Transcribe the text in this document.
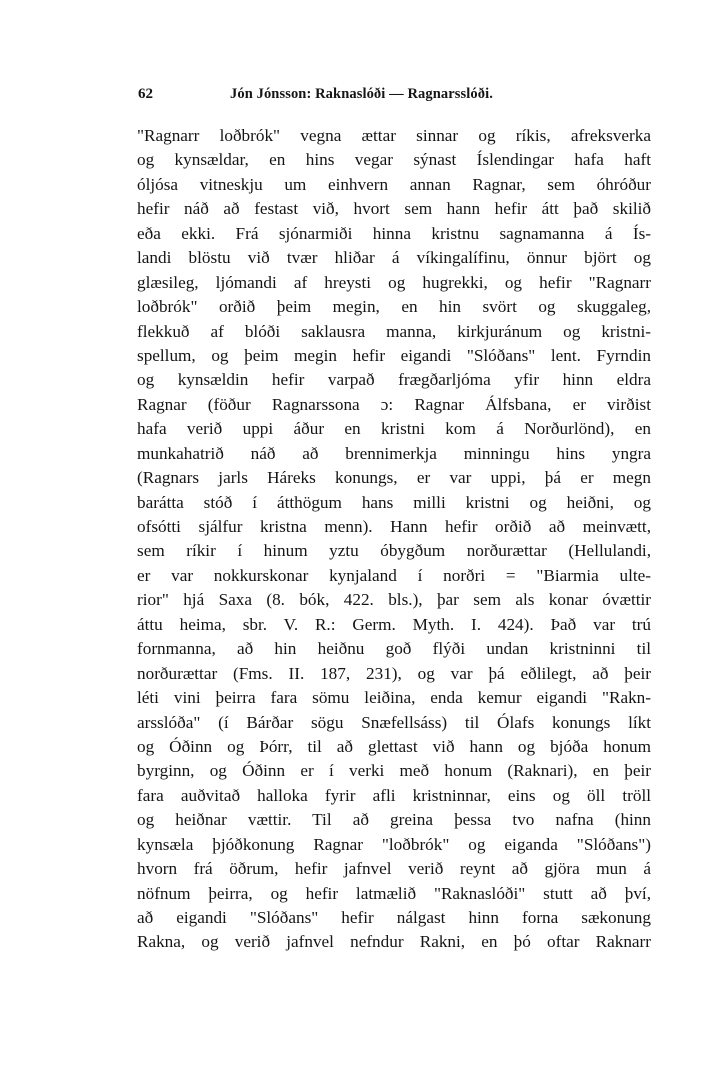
62	Jón Jónsson: Raknaslóði — Ragnarsslóði.
"Ragnarr loðbrók" vegna ættar sinnar og ríkis, afreksverka
og kynsældar, en hins vegar sýnast Íslendingar hafa haft
óljósa vitneskju um einhvern annan Ragnar, sem óhróður
hefir náð að festast við, hvort sem hann hefir átt það skilið
eða ekki. Frá sjónarmiði hinna kristnu sagnamanna á Ís-
landi blöstu við tvær hliðar á víkingalífinu, önnur björt og
glæsileg, ljómandi af hreysti og hugrekki, og hefir "Ragnarr
loðbrók" orðið þeim megin, en hin svört og skuggaleg,
flekkuð af blóði saklausra manna, kirkjuránum og kristni-
spellum, og þeim megin hefir eigandi "Slóðans" lent. Fyrndin
og kynsældin hefir varpað frægðarljóma yfir hinn eldra
Ragnar (föður Ragnarssona ɔ: Ragnar Álfsbana, er virðist
hafa verið uppi áður en kristni kom á Norðurlönd), en
munkahatrið náð að brennimerkja minningu hins yngra
(Ragnars jarls Háreks konungs, er var uppi, þá er megn
barátta stóð í átthögum hans milli kristni og heiðni, og
ofsótti sjálfur kristna menn). Hann hefir orðið að meinvætt,
sem ríkir í hinum yztu óbygðum norðurættar (Hellulandi,
er var nokkurskonar kynjaland í norðri = "Biarmia ulte-
rior" hjá Saxa (8. bók, 422. bls.), þar sem als konar óvættir
áttu heima, sbr. V. R.: Germ. Myth. I. 424). Það var trú
fornmanna, að hin heiðnu goð flýði undan kristninni til
norðurættar (Fms. II. 187, 231), og var þá eðlilegt, að þeir
léti vini þeirra fara sömu leiðina, enda kemur eigandi "Rakn-
arsslóða" (í Bárðar sögu Snæfellsáss) til Ólafs konungs líkt
og Óðinn og Þórr, til að glettast við hann og bjóða honum
byrginn, og Óðinn er í verki með honum (Raknari), en þeir
fara auðvitað halloka fyrir afli kristninnar, eins og öll tröll
og heiðnar vættir. Til að greina þessa tvo nafna (hinn
kynsæla þjóðkonung Ragnar "loðbrók" og eiganda "Slóðans")
hvorn frá öðrum, hefir jafnvel verið reynt að gjöra mun á
nöfnum þeirra, og hefir latmælið "Raknaslóði" stutt að því,
að eigandi "Slóðans" hefir nálgast hinn forna sækonung
Rakna, og verið jafnvel nefndur Rakni, en þó oftar Raknarr
